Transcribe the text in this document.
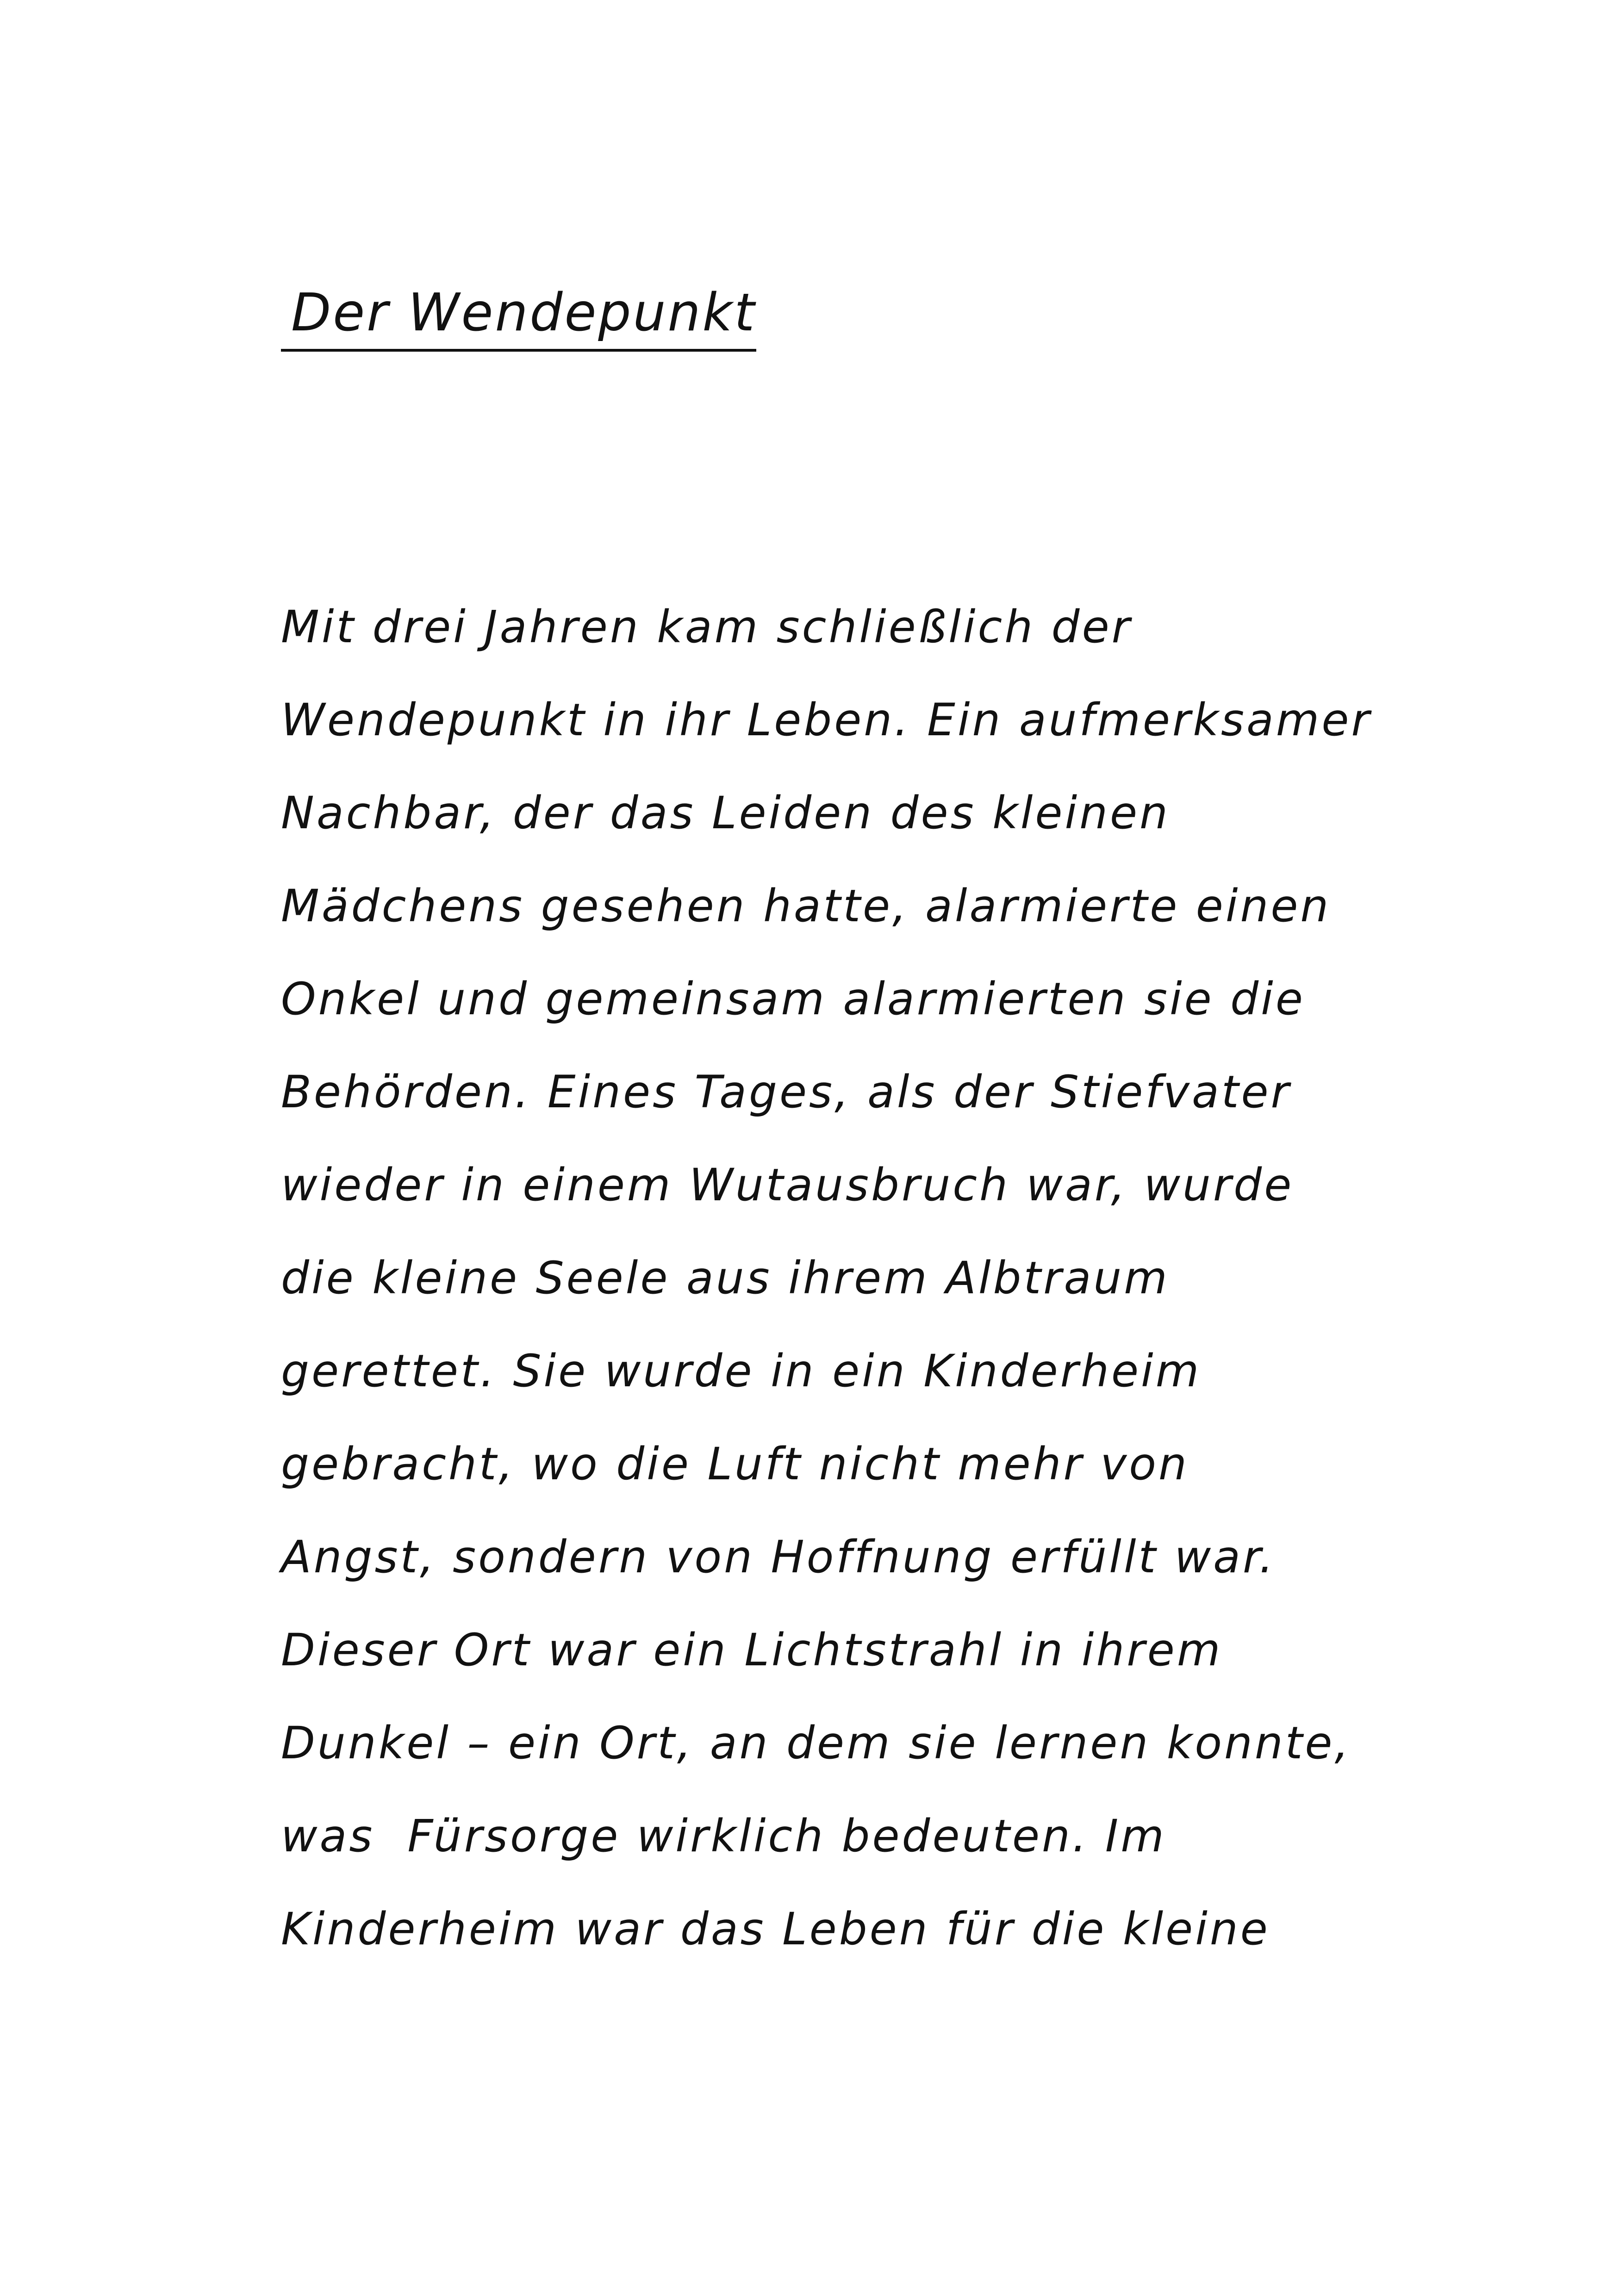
Der Wendepunkt
Mit drei Jahren kam schließlich der
Wendepunkt in ihr Leben. Ein aufmerksamer
Nachbar, der das Leiden des kleinen
Mädchens gesehen hatte, alarmierte einen
Onkel und gemeinsam alarmierten sie die
Behörden. Eines Tages, als der Stiefvater
wieder in einem Wutausbruch war, wurde
die kleine Seele aus ihrem Albtraum
gerettet. Sie wurde in ein Kinderheim
gebracht, wo die Luft nicht mehr von
Angst, sondern von Hoffnung erfüllt war.
Dieser Ort war ein Lichtstrahl in ihrem
Dunkel – ein Ort, an dem sie lernen konnte,
was  Fürsorge wirklich bedeuten. Im
Kinderheim war das Leben für die kleine
